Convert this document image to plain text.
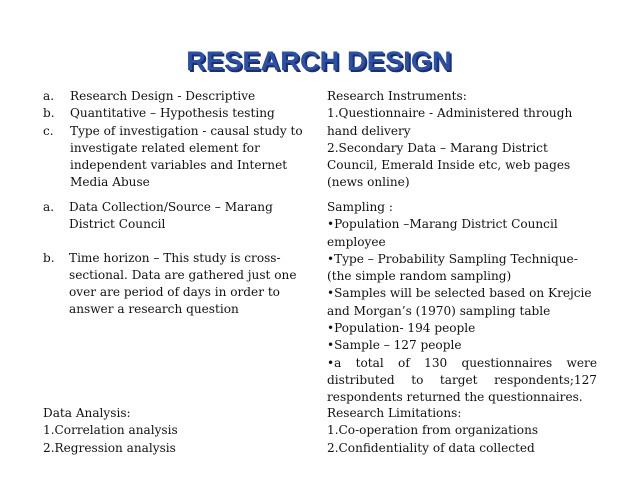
RESEARCH DESIGN
a.	Research Design - Descriptive
b.	Quantitative – Hypothesis testing
c.	Type of investigation - causal study to investigate related element for independent variables and Internet Media Abuse
Research Instruments:
1.Questionnaire - Administered through hand delivery
2.Secondary Data – Marang District Council, Emerald Inside etc, web pages (news online)
a.	Data Collection/Source – Marang District Council
b.	Time horizon – This study is cross-sectional. Data are gathered just one over are period of days in order to answer a research question
Sampling :
•Population –Marang District Council employee
•Type – Probability Sampling Technique- (the simple random sampling)
•Samples will be selected based on Krejcie and Morgan’s (1970) sampling table
•Population- 194 people
•Sample – 127 people
•a total of 130 questionnaires were distributed to target respondents;127 respondents returned the questionnaires.
Data Analysis:
1.Correlation analysis
2.Regression analysis
Research Limitations:
1.Co-operation from organizations
2.Confidentiality of data collected
